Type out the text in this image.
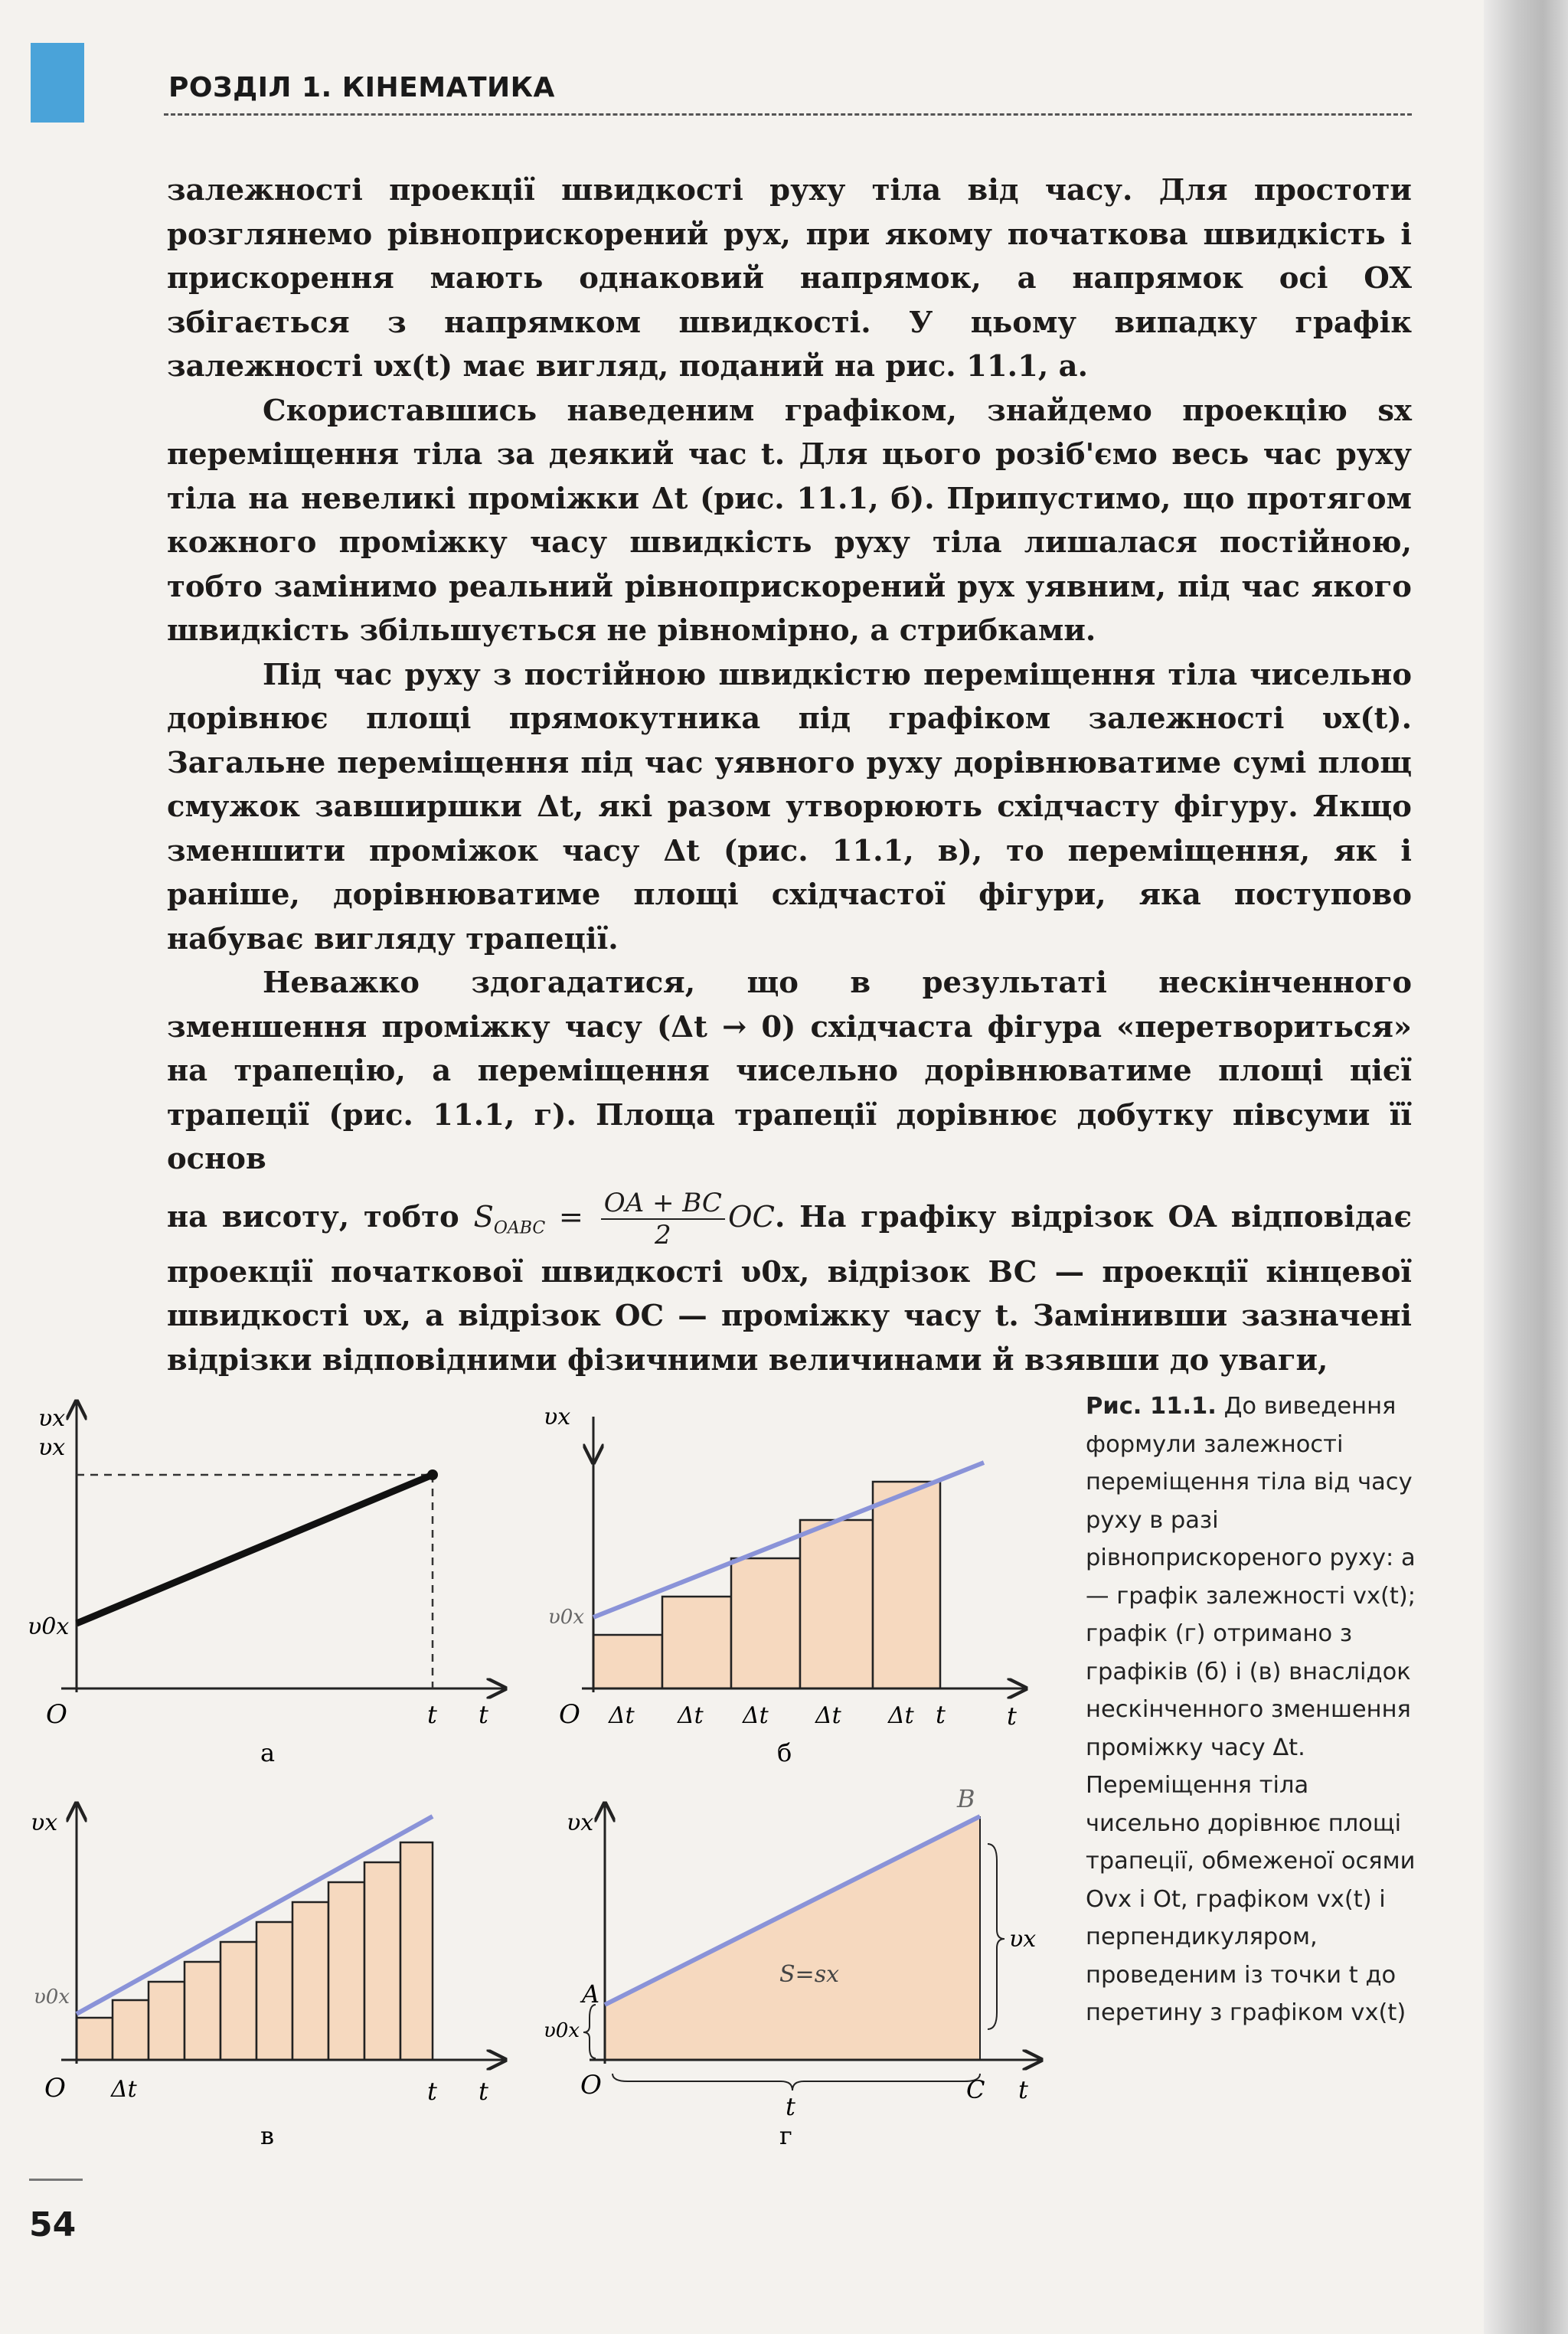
РОЗДІЛ 1. КІНЕМАТИКА

залежності проекції швидкості руху тіла від часу. Для простоти розглянемо рівноприскорений рух, при якому початкова швидкість і прискорення мають однаковий напрямок, а напрямок осі OX збігається з напрямком швидкості. У цьому випадку графік залежності υx(t) має вигляд, поданий на рис. 11.1, а.

Скориставшись наведеним графіком, знайдемо проекцію sx переміщення тіла за деякий час t. Для цього розіб'ємо весь час руху тіла на невеликі проміжки Δt (рис. 11.1, б). Припустимо, що протягом кожного проміжку часу швидкість руху тіла лишалася постійною, тобто замінимо реальний рівноприскорений рух уявним, під час якого швидкість збільшується не рівномірно, а стрибками.

Під час руху з постійною швидкістю переміщення тіла чисельно дорівнює площі прямокутника під графіком залежності υx(t). Загальне переміщення під час уявного руху дорівнюватиме сумі площ смужок завширшки Δt, які разом утворюють східчасту фігуру. Якщо зменшити проміжок часу Δt (рис. 11.1, в), то переміщення, як і раніше, дорівнюватиме площі східчастої фігури, яка поступово набуває вигляду трапеції.

Неважко здогадатися, що в результаті нескінченного зменшення проміжку часу (Δt → 0) східчаста фігура «перетвориться» на трапецію, а переміщення чисельно дорівнюватиме площі цієї трапеції (рис. 11.1, г). Площа трапеції дорівнює добутку півсуми її основ

на висоту, тобто $S_{OABC} = \frac{OA + BC}{2}$ OC. На графіку відрізок OA відповідає проекції початкової швидкості υ0x, відрізок BC — проекції кінцевої швидкості υx, а відрізок OC — проміжку часу t. Замінивши зазначені відрізки відповідними фізичними величинами й взявши до уваги,

υx
υx
υ0x
O	t t
а
υx
υ0x
O Δt Δt Δt Δt Δt t	t
б
υx
υ0x
O Δt	t t
в
υx
B
A
υ0x
υx
S=sx
O
t
C t
г
Рис. 11.1. До виведення формули залежності переміщення тіла від часу руху в разі рівноприскореного руху: а — графік залежності vx(t); графік (г) отримано з графіків (б) і (в) внаслідок нескінченного зменшення проміжку часу Δt. Переміщення тіла чисельно дорівнює площі трапеції, обмеженої осями Ovx і Ot, графіком vx(t) і перпендикуляром, проведеним із точки t до перетину з графіком vx(t)
54
